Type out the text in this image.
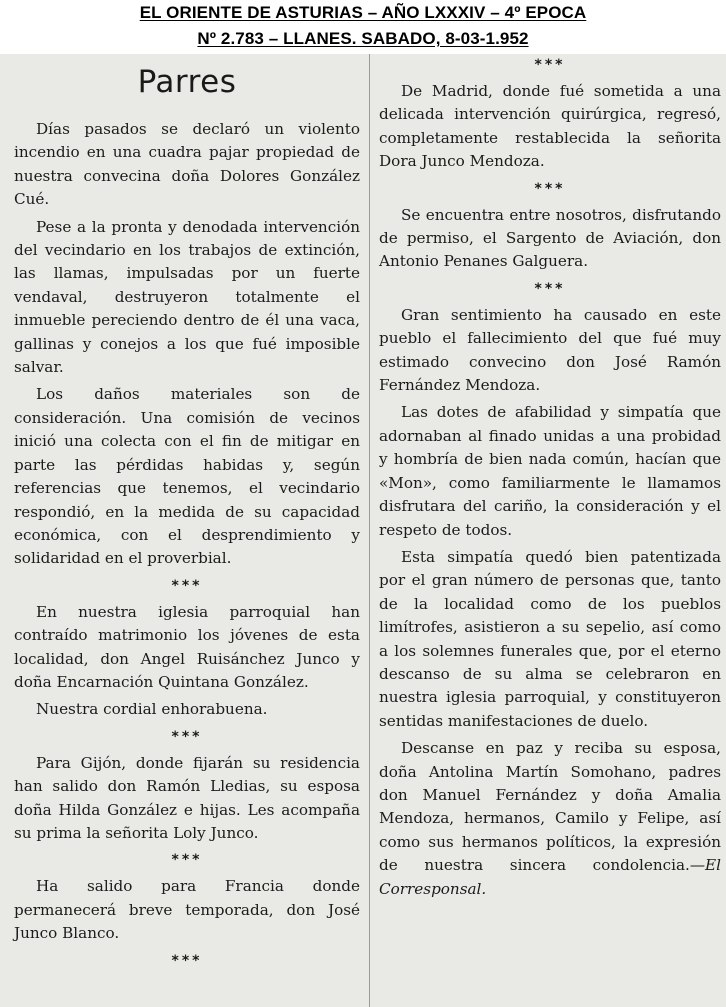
EL ORIENTE DE ASTURIAS – AÑO LXXXIV – 4º EPOCA
Nº 2.783 – LLANES. SABADO, 8-03-1.952
Parres

Días pasados se declaró un violento incendio en una cuadra pajar propiedad de nuestra convecina doña Dolores González Cué.

Pese a la pronta y denodada intervención del vecindario en los trabajos de extinción, las llamas, impulsadas por un fuerte vendaval, destruyeron totalmente el inmueble pereciendo dentro de él una vaca, gallinas y conejos a los que fué imposible salvar.

Los daños materiales son de consideración. Una comisión de vecinos inició una colecta con el fin de mitigar en parte las pérdidas habidas y, según referencias que tenemos, el vecindario respondió, en la medida de su capacidad económica, con el desprendimiento y solidaridad en el proverbial.

***

En nuestra iglesia parroquial han contraído matrimonio los jóvenes de esta localidad, don Angel Ruisánchez Junco y doña Encarnación Quintana González.

Nuestra cordial enhorabuena.

***

Para Gijón, donde fijarán su residencia han salido don Ramón Lledias, su esposa doña Hilda González e hijas. Les acompaña su prima la señorita Loly Junco.

***

Ha salido para Francia donde permanecerá breve temporada, don José Junco Blanco.

***
***

De Madrid, donde fué sometida a una delicada intervención quirúrgica, regresó, completamente restablecida la señorita Dora Junco Mendoza.

***

Se encuentra entre nosotros, disfrutando de permiso, el Sargento de Aviación, don Antonio Penanes Galguera.

***

Gran sentimiento ha causado en este pueblo el fallecimiento del que fué muy estimado convecino don José Ramón Fernández Mendoza.

Las dotes de afabilidad y simpatía que adornaban al finado unidas a una probidad y hombría de bien nada común, hacían que «Mon», como familiarmente le llamamos disfrutara del cariño, la consideración y el respeto de todos.

Esta simpatía quedó bien patentizada por el gran número de personas que, tanto de la localidad como de los pueblos limítrofes, asistieron a su sepelio, así como a los solemnes funerales que, por el eterno descanso de su alma se celebraron en nuestra iglesia parroquial, y constituyeron sentidas manifestaciones de duelo.

Descanse en paz y reciba su esposa, doña Antolina Martín Somohano, padres don Manuel Fernández y doña Amalia Mendoza, hermanos, Camilo y Felipe, así como sus hermanos políticos, la expresión de nuestra sincera condolencia.—El Corresponsal.
